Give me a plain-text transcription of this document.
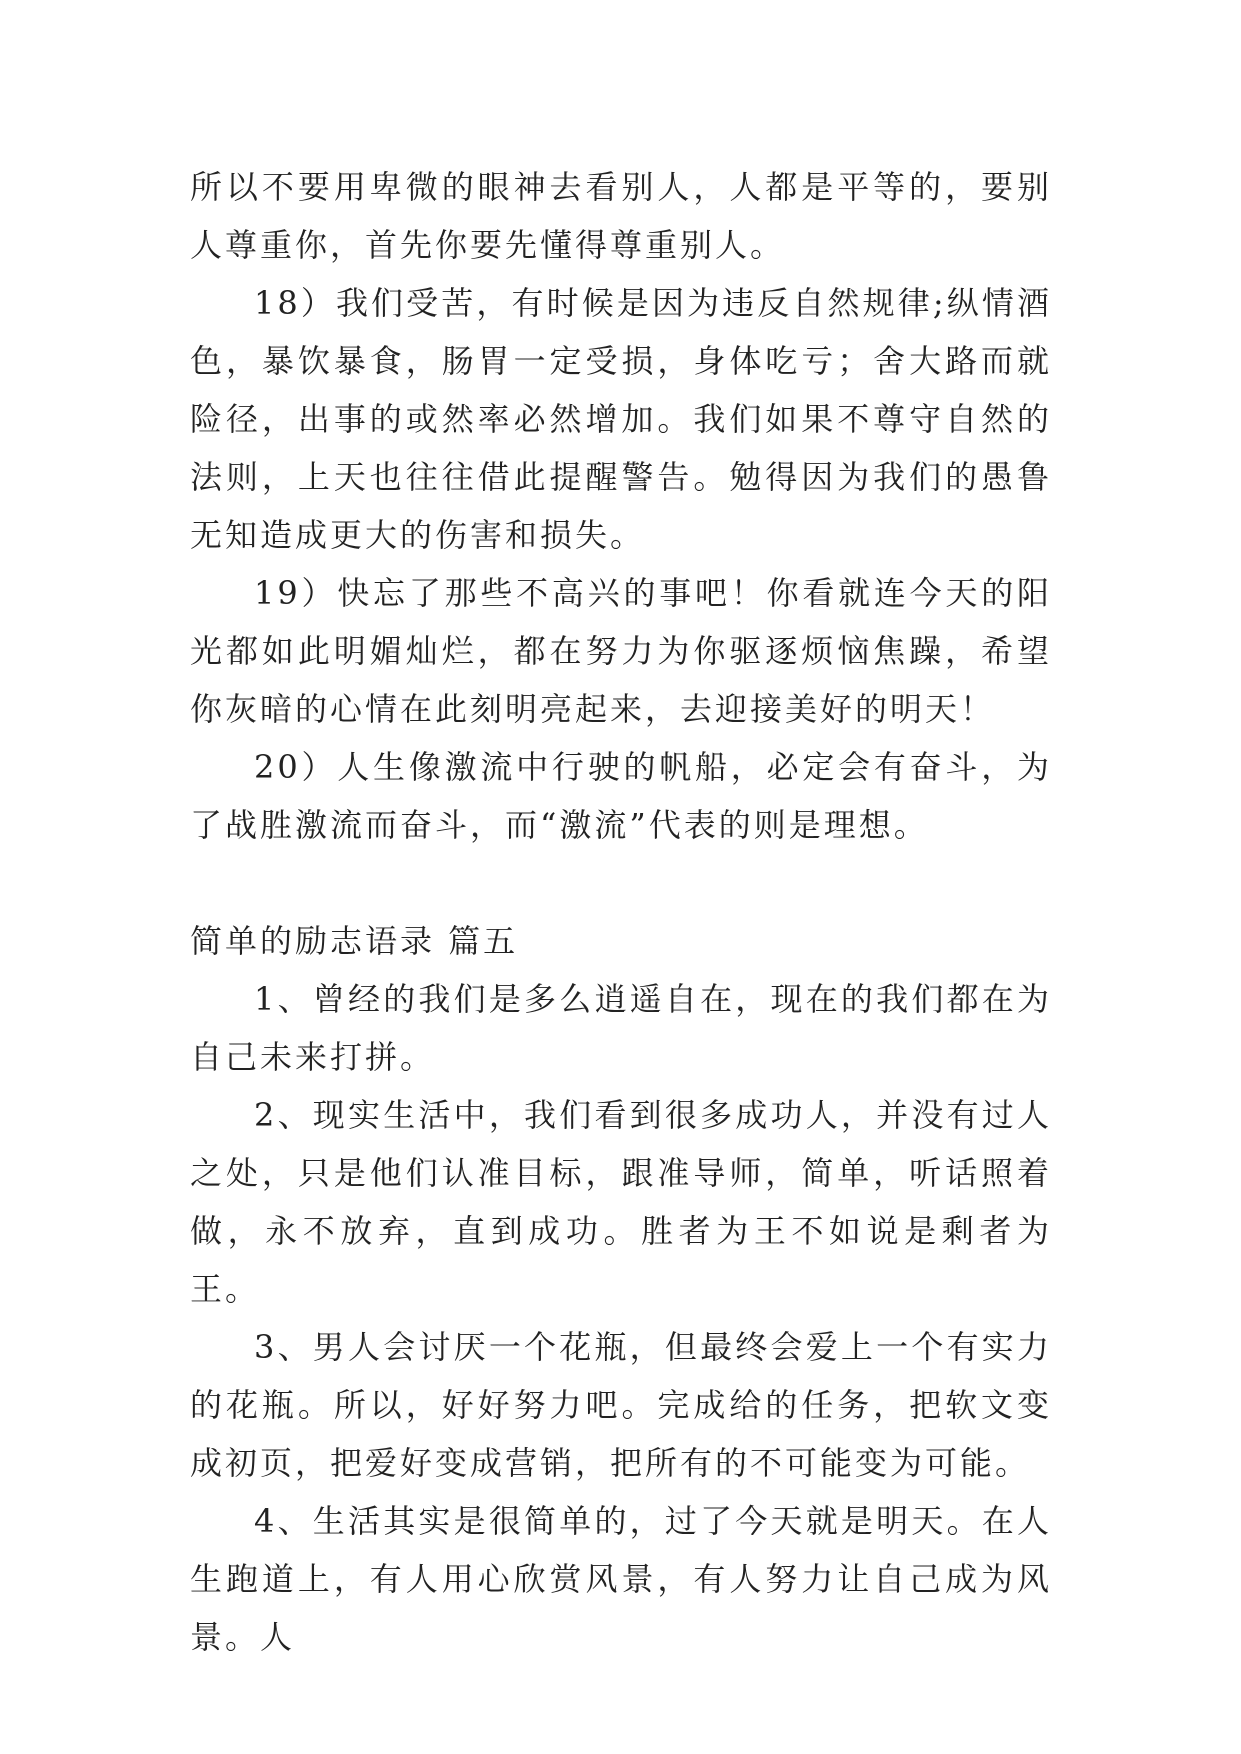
所以不要用卑微的眼神去看别人，人都是平等的，要别人尊重你，首先你要先懂得尊重别人。

18）我们受苦，有时候是因为违反自然规律;纵情酒色，暴饮暴食，肠胃一定受损，身体吃亏；舍大路而就险径，出事的或然率必然增加。我们如果不尊守自然的法则，上天也往往借此提醒警告。勉得因为我们的愚鲁无知造成更大的伤害和损失。

19）快忘了那些不高兴的事吧！你看就连今天的阳光都如此明媚灿烂，都在努力为你驱逐烦恼焦躁，希望你灰暗的心情在此刻明亮起来，去迎接美好的明天！

20）人生像激流中行驶的帆船，必定会有奋斗，为了战胜激流而奋斗，而“激流”代表的则是理想。

简单的励志语录 篇五

1、曾经的我们是多么逍遥自在，现在的我们都在为自己未来打拼。

2、现实生活中，我们看到很多成功人，并没有过人之处，只是他们认准目标，跟准导师，简单，听话照着做，永不放弃，直到成功。胜者为王不如说是剩者为王。

3、男人会讨厌一个花瓶，但最终会爱上一个有实力的花瓶。所以，好好努力吧。完成给的任务，把软文变成初页，把爱好变成营销，把所有的不可能变为可能。

4、生活其实是很简单的，过了今天就是明天。在人生跑道上，有人用心欣赏风景，有人努力让自己成为风景。人
